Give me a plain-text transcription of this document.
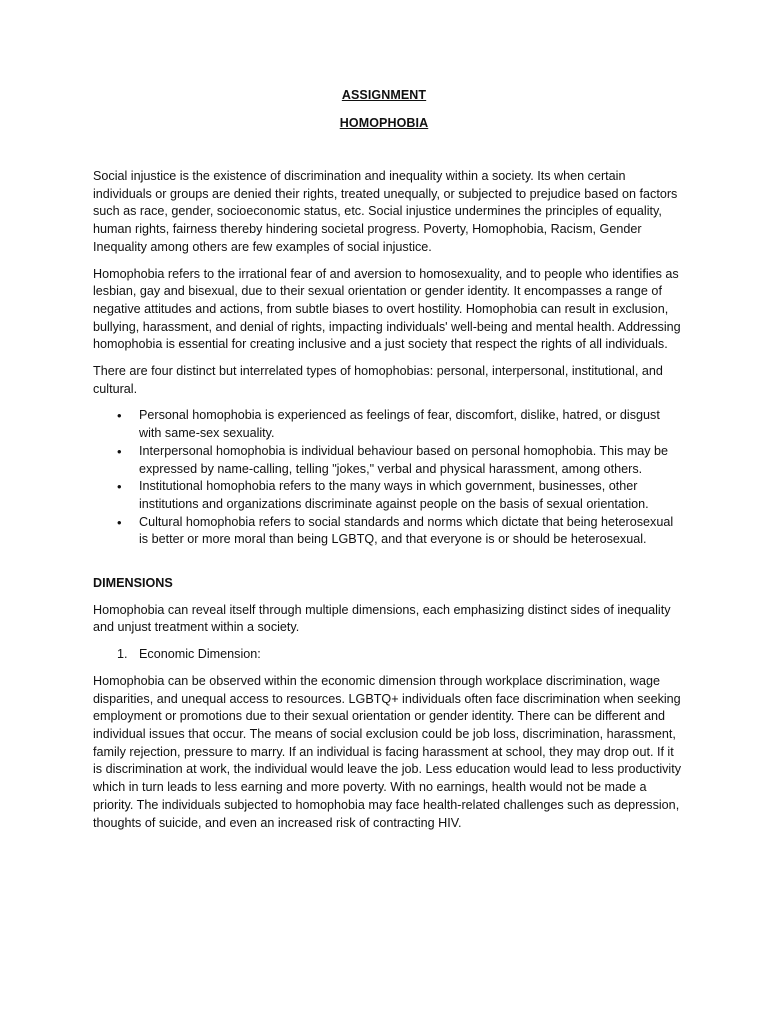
ASSIGNMENT
HOMOPHOBIA

Social injustice is the existence of discrimination and inequality within a society. Its when certain individuals or groups are denied their rights, treated unequally, or subjected to prejudice based on factors such as race, gender, socioeconomic status, etc. Social injustice undermines the principles of equality, human rights, fairness thereby hindering societal progress. Poverty, Homophobia, Racism, Gender Inequality among others are few examples of social injustice.

Homophobia refers to the irrational fear of and aversion to homosexuality, and to people who identifies as lesbian, gay and bisexual, due to their sexual orientation or gender identity. It encompasses a range of negative attitudes and actions, from subtle biases to overt hostility. Homophobia can result in exclusion, bullying, harassment, and denial of rights, impacting individuals' well-being and mental health. Addressing homophobia is essential for creating inclusive and a just society that respect the rights of all individuals.

There are four distinct but interrelated types of homophobias: personal, interpersonal, institutional, and cultural.

• Personal homophobia is experienced as feelings of fear, discomfort, dislike, hatred, or disgust with same-sex sexuality.
• Interpersonal homophobia is individual behaviour based on personal homophobia. This may be expressed by name-calling, telling "jokes," verbal and physical harassment, among others.
• Institutional homophobia refers to the many ways in which government, businesses, other institutions and organizations discriminate against people on the basis of sexual orientation.
• Cultural homophobia refers to social standards and norms which dictate that being heterosexual is better or more moral than being LGBTQ, and that everyone is or should be heterosexual.
DIMENSIONS

Homophobia can reveal itself through multiple dimensions, each emphasizing distinct sides of inequality and unjust treatment within a society.

1. Economic Dimension:

Homophobia can be observed within the economic dimension through workplace discrimination, wage disparities, and unequal access to resources. LGBTQ+ individuals often face discrimination when seeking employment or promotions due to their sexual orientation or gender identity. There can be different and individual issues that occur. The means of social exclusion could be job loss, discrimination, harassment, family rejection, pressure to marry. If an individual is facing harassment at school, they may drop out. If it is discrimination at work, the individual would leave the job. Less education would lead to less productivity which in turn leads to less earning and more poverty. With no earnings, health would not be made a priority. The individuals subjected to homophobia may face health-related challenges such as depression, thoughts of suicide, and even an increased risk of contracting HIV.
